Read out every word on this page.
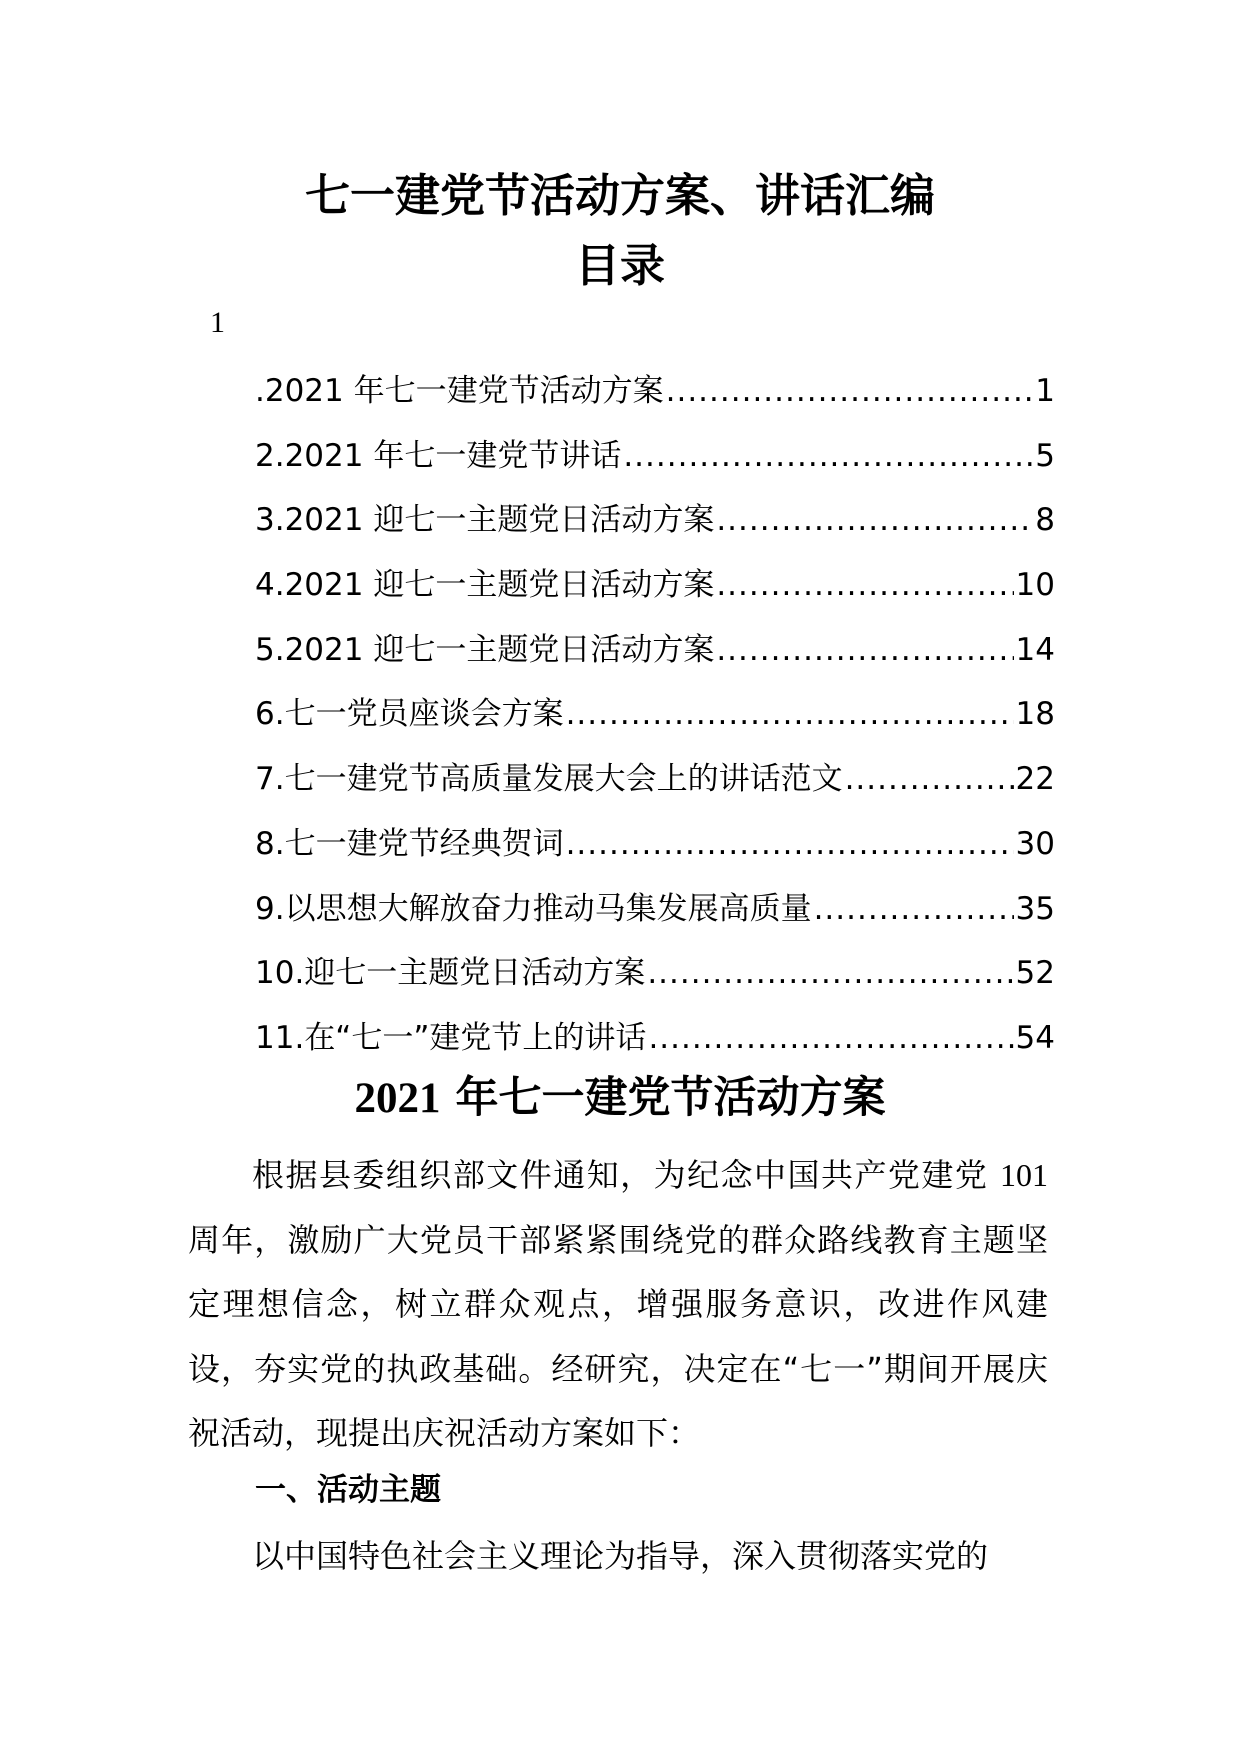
七一建党节活动方案、讲话汇编
目录
1
. 2021 年七一建党节活动方案 .....	1
2. 2021 年七一建党节讲话 .....	5
3. 2021 迎七一主题党日活动方案 .....	8
4. 2021 迎七一主题党日活动方案 .....	10
5. 2021 迎七一主题党日活动方案 .....	14
6. 七一党员座谈会方案 .....	18
7. 七一建党节高质量发展大会上的讲话范文 .....	22
8. 七一建党节经典贺词 .....	30
9. 以思想大解放奋力推动马集发展高质量 .....	35
10. 迎七一主题党日活动方案 .....	52
11. 在“七一”建党节上的讲话 .....	54
2021 年七一建党节活动方案
根据县委组织部文件通知，为纪念中国共产党建党 101 周年，激励广大党员干部紧紧围绕党的群众路线教育主题坚定理想信念，树立群众观点，增强服务意识，改进作风建设，夯实党的执政基础。经研究，决定在“七一”期间开展庆祝活动，现提出庆祝活动方案如下：
一、活动主题
以中国特色社会主义理论为指导，深入贯彻落实党的
